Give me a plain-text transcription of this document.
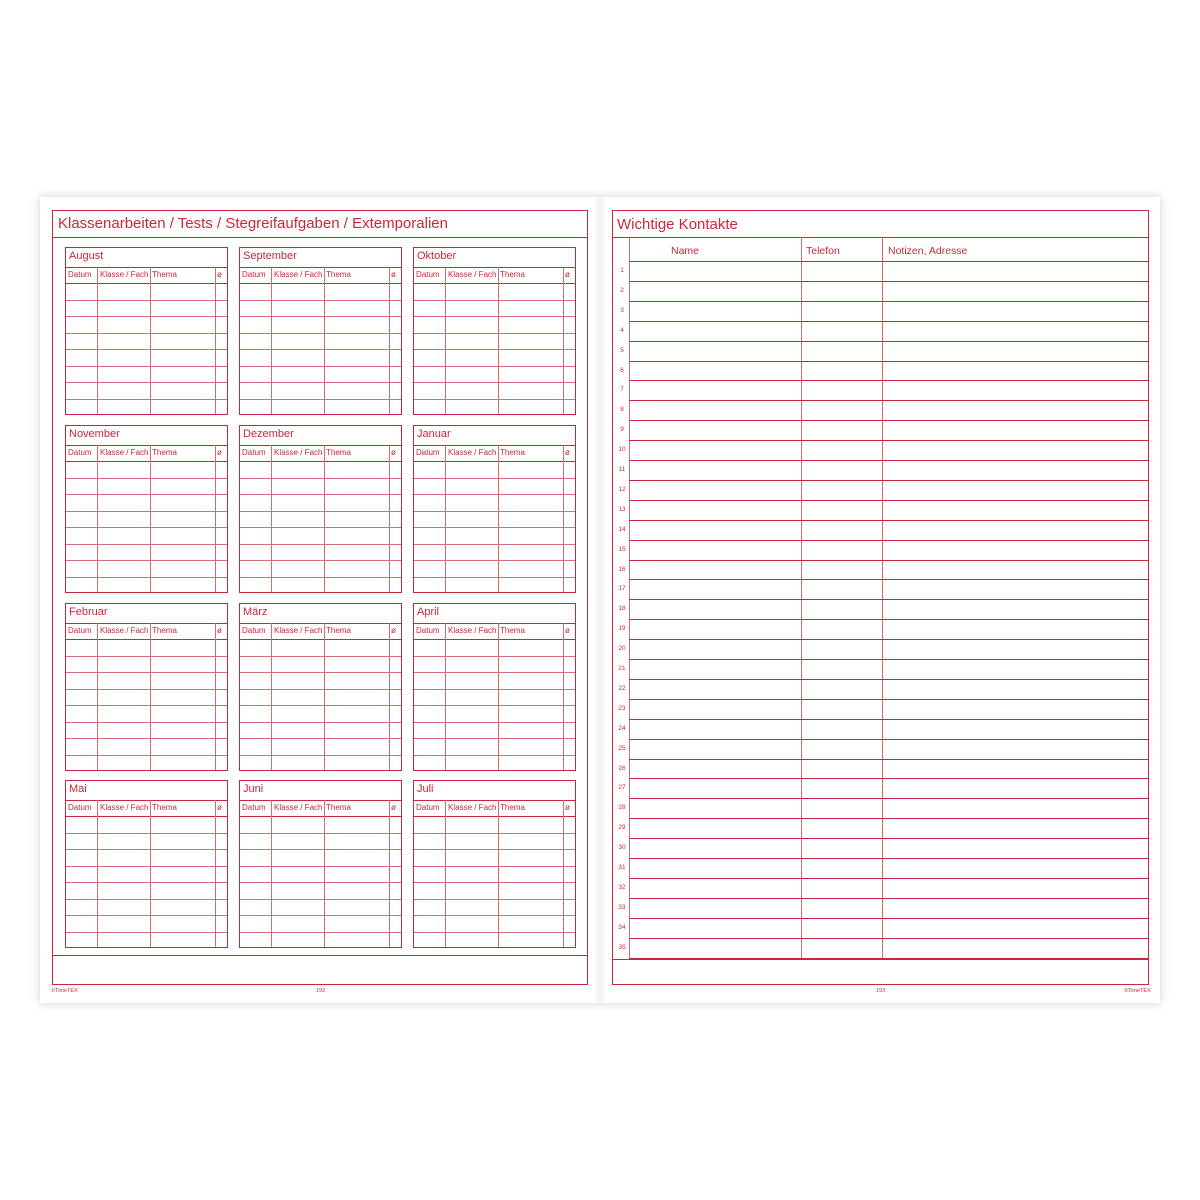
Klassenarbeiten / Tests / Stegreifaufgaben / Extemporalien
August
Datum Klasse / Fach Thema	ø
September
Datum Klasse / Fach Thema	ø
Oktober
Datum Klasse / Fach Thema	ø
November
Datum Klasse / Fach Thema	ø
Dezember
Datum Klasse / Fach Thema	ø
Januar
Datum Klasse / Fach Thema	ø
Februar
Datum Klasse / Fach Thema	ø
März
Datum Klasse / Fach Thema	ø
April
Datum Klasse / Fach Thema	ø
Mai
Datum Klasse / Fach Thema	ø
Juni
Datum Klasse / Fach Thema	ø
Juli
Datum Klasse / Fach Thema	ø
©TimeTEX	192
Wichtige Kontakte
Name	Telefon	Notizen, Adresse
1
2
3
4
5
6
7
8
9
10
11
12
13
14
15
16
17
18
19
20
21
22
23
24
25
26
27
28
29
30
31
32
33
34
35
193	©TimeTEX
